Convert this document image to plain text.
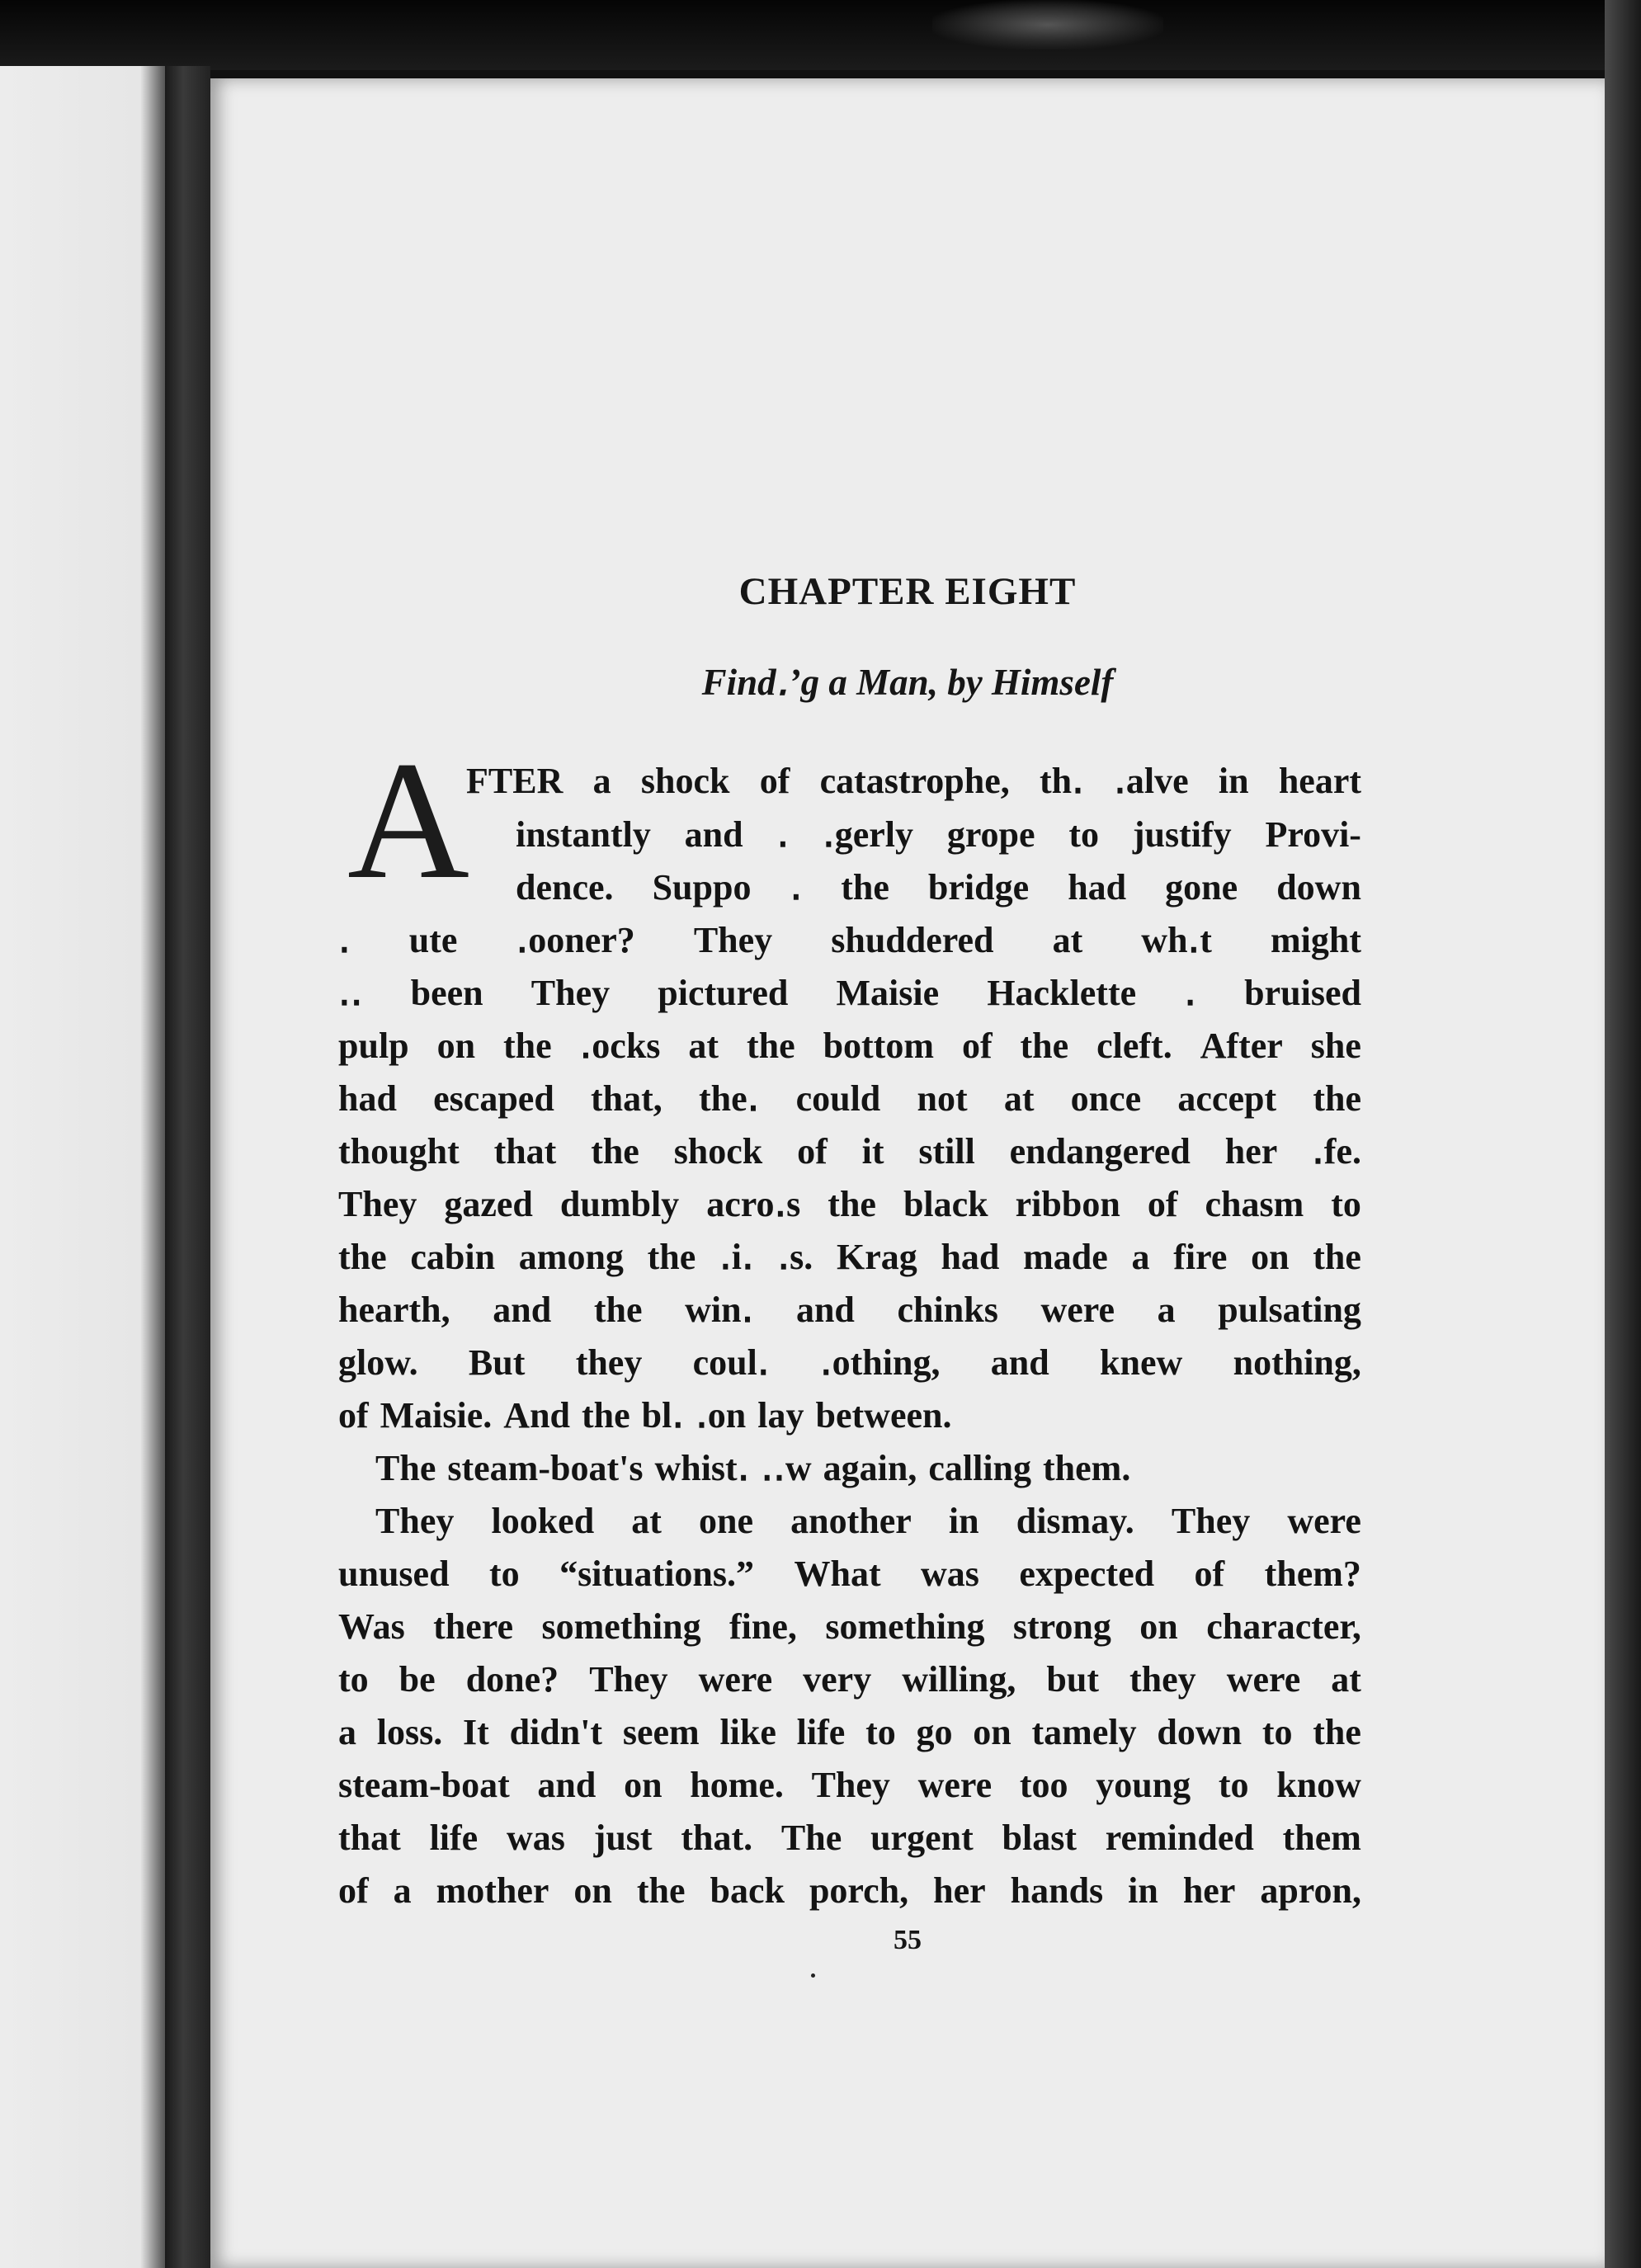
CHAPTER EIGHT
Find․ʼg a Man, by Himself
A
FTER a shock of catastrophe, th․ ․alve in heart
instantly and ․ ․gerly grope to justify Provi-
dence. Suppo ․ the bridge had gone down
․ ute ․ooner? They shuddered at wh․t might
․․ been They pictured Maisie Hacklette ․ bruised
pulp on the ․ocks at the bottom of the cleft. After she
had escaped that, the․ could not at once accept the
thought that the shock of it still endangered her ․fe.
They gazed dumbly acro․s the black ribbon of chasm to
the cabin among the ․i․ ․s. Krag had made a fire on the
hearth, and the win․ and chinks were a pulsating
glow. But they coul․ ․othing, and knew nothing,
of Maisie. And the bl․ ․on lay between.
The steam-boat's whist․ ․․w again, calling them.
They looked at one another in dismay. They were
unused to “situations.” What was expected of them?
Was there something fine, something strong on character,
to be done? They were very willing, but they were at
a loss. It didn't seem like life to go on tamely down to the
steam-boat and on home. They were too young to know
that life was just that. The urgent blast reminded them
of a mother on the back porch, her hands in her apron,
55
